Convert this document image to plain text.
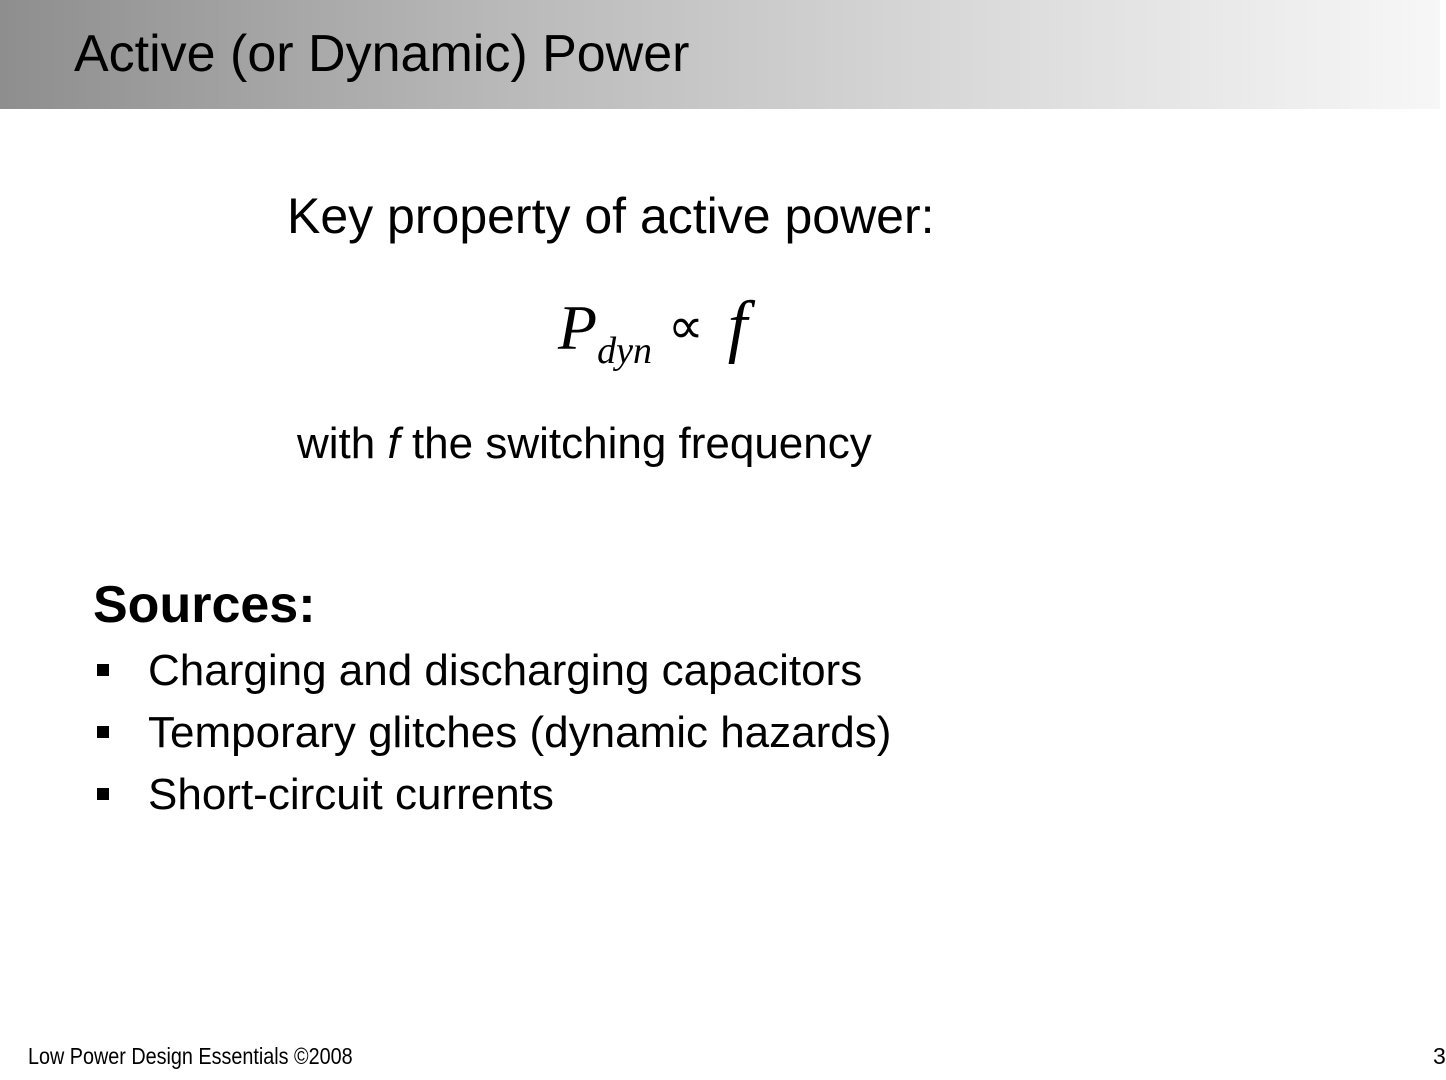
Active (or Dynamic) Power
Key property of active power:
Pdyn ∝ f
with f the switching frequency
Sources:
Charging and discharging capacitors
Temporary glitches (dynamic hazards)
Short-circuit currents
Low Power Design Essentials ©2008	3
